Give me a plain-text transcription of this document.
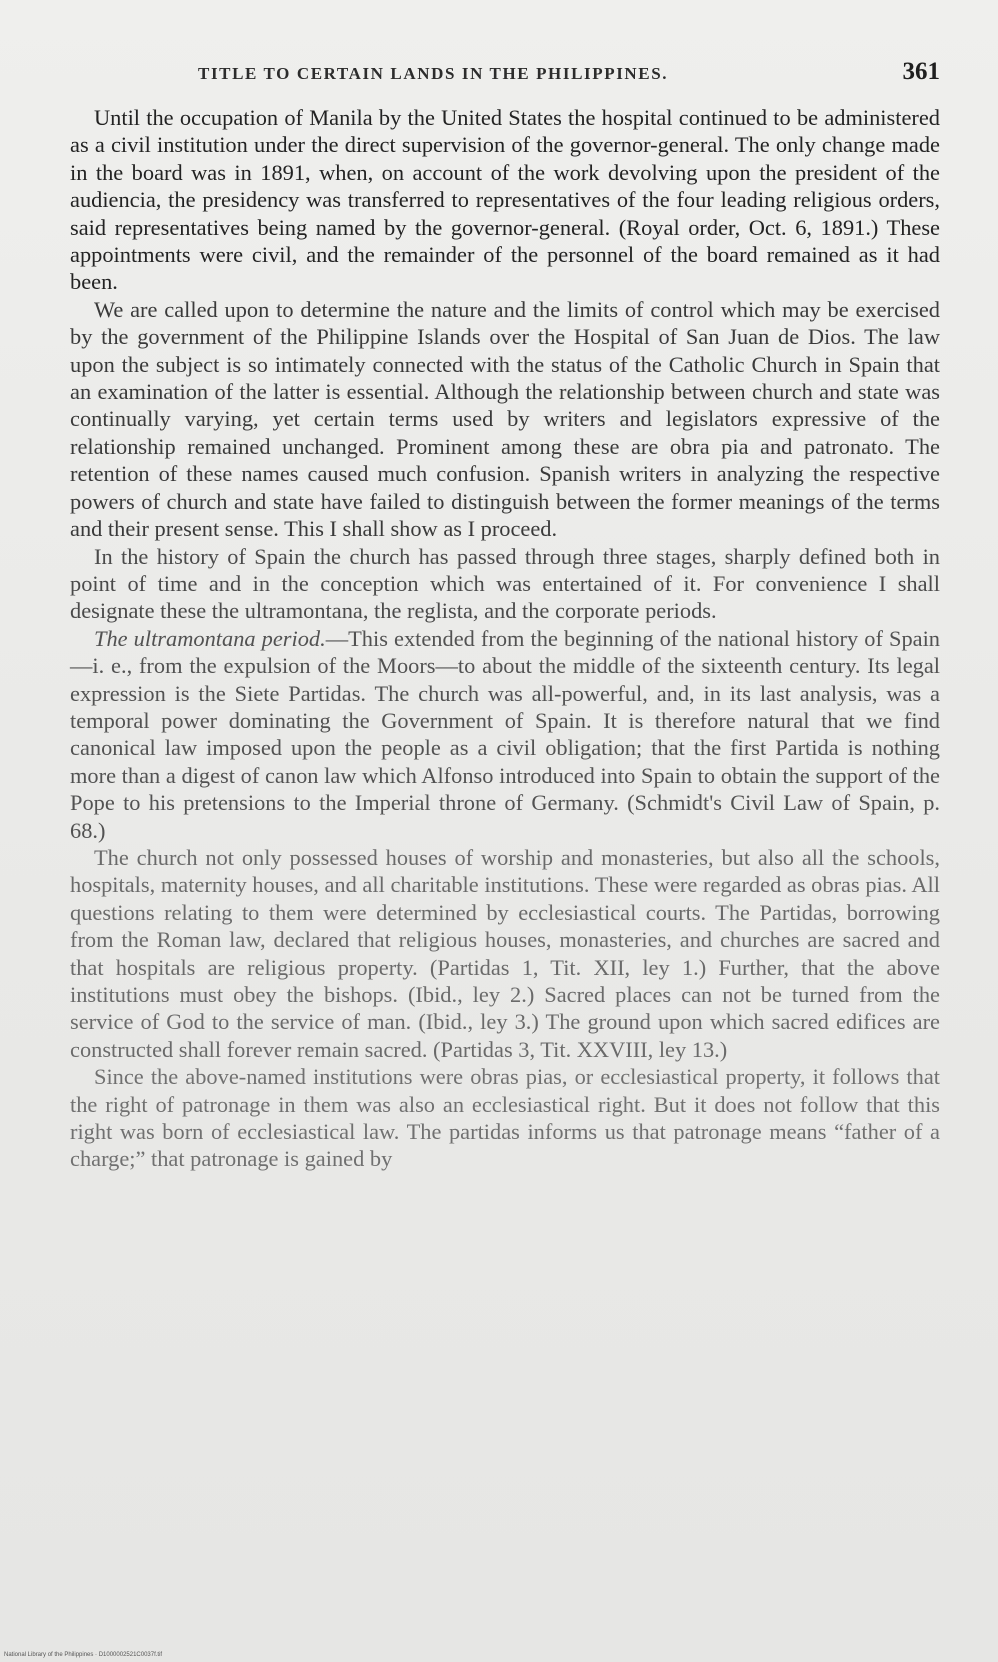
TITLE TO CERTAIN LANDS IN THE PHILIPPINES.	361

Until the occupation of Manila by the United States the hospital continued to be administered as a civil institution under the direct supervision of the governor-general. The only change made in the board was in 1891, when, on account of the work devolving upon the president of the audiencia, the presidency was transferred to representatives of the four leading religious orders, said representatives being named by the governor-general. (Royal order, Oct. 6, 1891.) These appointments were civil, and the remainder of the personnel of the board remained as it had been.

We are called upon to determine the nature and the limits of control which may be exercised by the government of the Philippine Islands over the Hospital of San Juan de Dios. The law upon the subject is so intimately connected with the status of the Catholic Church in Spain that an examination of the latter is essential. Although the relationship between church and state was continually varying, yet certain terms used by writers and legislators expressive of the relationship remained unchanged. Prominent among these are obra pia and patronato. The retention of these names caused much confusion. Spanish writers in analyzing the respective powers of church and state have failed to distinguish between the former meanings of the terms and their present sense. This I shall show as I proceed.

In the history of Spain the church has passed through three stages, sharply defined both in point of time and in the conception which was entertained of it. For convenience I shall designate these the ultramontana, the reglista, and the corporate periods.

The ultramontana period.—This extended from the beginning of the national history of Spain—i. e., from the expulsion of the Moors—to about the middle of the sixteenth century. Its legal expression is the Siete Partidas. The church was all-powerful, and, in its last analysis, was a temporal power dominating the Government of Spain. It is therefore natural that we find canonical law imposed upon the people as a civil obligation; that the first Partida is nothing more than a digest of canon law which Alfonso introduced into Spain to obtain the support of the Pope to his pretensions to the Imperial throne of Germany. (Schmidt's Civil Law of Spain, p. 68.)

The church not only possessed houses of worship and monasteries, but also all the schools, hospitals, maternity houses, and all charitable institutions. These were regarded as obras pias. All questions relating to them were determined by ecclesiastical courts. The Partidas, borrowing from the Roman law, declared that religious houses, monasteries, and churches are sacred and that hospitals are religious property. (Partidas 1, Tit. XII, ley 1.) Further, that the above institutions must obey the bishops. (Ibid., ley 2.) Sacred places can not be turned from the service of God to the service of man. (Ibid., ley 3.) The ground upon which sacred edifices are constructed shall forever remain sacred. (Partidas 3, Tit. XXVIII, ley 13.)

Since the above-named institutions were obras pias, or ecclesiastical property, it follows that the right of patronage in them was also an ecclesiastical right. But it does not follow that this right was born of ecclesiastical law. The partidas informs us that patronage means “father of a charge;” that patronage is gained by

National Library of the Philippines · D1000002521C0037f.tif
